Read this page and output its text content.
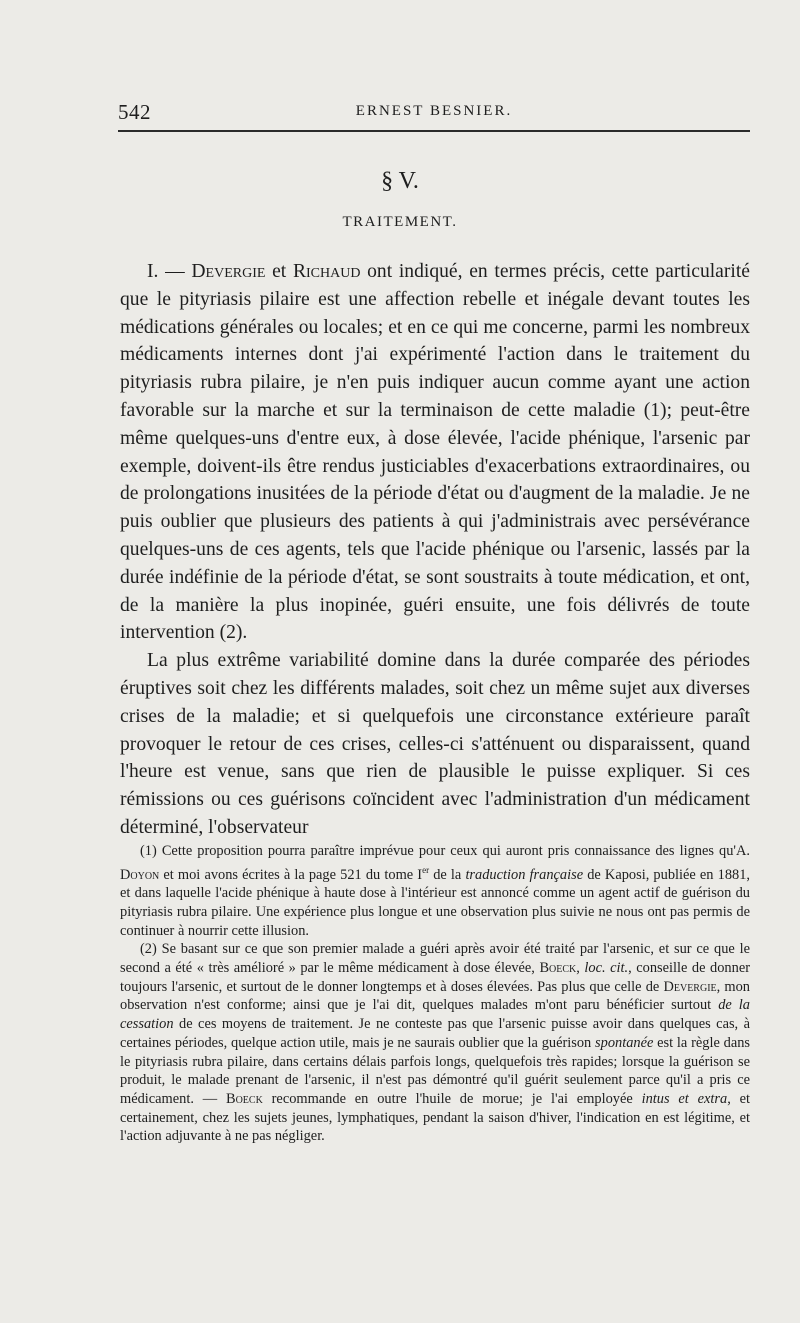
542	ERNEST BESNIER.
§ V.
TRAITEMENT.

I. — Devergie et Richaud ont indiqué, en termes précis, cette particularité que le pityriasis pilaire est une affection rebelle et inégale devant toutes les médications générales ou locales; et en ce qui me concerne, parmi les nombreux médicaments internes dont j'ai expérimenté l'action dans le traitement du pityriasis rubra pilaire, je n'en puis indiquer aucun comme ayant une action favorable sur la marche et sur la terminaison de cette maladie (1); peut-être même quelques-uns d'entre eux, à dose élevée, l'acide phénique, l'arsenic par exemple, doivent-ils être rendus justiciables d'exacerbations extraordinaires, ou de prolongations inusitées de la période d'état ou d'augment de la maladie. Je ne puis oublier que plusieurs des patients à qui j'administrais avec persévérance quelques-uns de ces agents, tels que l'acide phénique ou l'arsenic, lassés par la durée indéfinie de la période d'état, se sont soustraits à toute médication, et ont, de la manière la plus inopinée, guéri ensuite, une fois délivrés de toute intervention (2).

La plus extrême variabilité domine dans la durée comparée des périodes éruptives soit chez les différents malades, soit chez un même sujet aux diverses crises de la maladie; et si quelquefois une circonstance extérieure paraît provoquer le retour de ces crises, celles-ci s'atténuent ou disparaissent, quand l'heure est venue, sans que rien de plausible le puisse expliquer. Si ces rémissions ou ces guérisons coïncident avec l'administration d'un médicament déterminé, l'observateur

(1) Cette proposition pourra paraître imprévue pour ceux qui auront pris connaissance des lignes qu'A. Doyon et moi avons écrites à la page 521 du tome Ier de la traduction française de Kaposi, publiée en 1881, et dans laquelle l'acide phénique à haute dose à l'intérieur est annoncé comme un agent actif de guérison du pityriasis rubra pilaire. Une expérience plus longue et une observation plus suivie ne nous ont pas permis de continuer à nourrir cette illusion.

(2) Se basant sur ce que son premier malade a guéri après avoir été traité par l'arsenic, et sur ce que le second a été « très amélioré » par le même médicament à dose élevée, Boeck, loc. cit., conseille de donner toujours l'arsenic, et surtout de le donner longtemps et à doses élevées. Pas plus que celle de Devergie, mon observation n'est conforme; ainsi que je l'ai dit, quelques malades m'ont paru bénéficier surtout de la cessation de ces moyens de traitement. Je ne conteste pas que l'arsenic puisse avoir dans quelques cas, à certaines périodes, quelque action utile, mais je ne saurais oublier que la guérison spontanée est la règle dans le pityriasis rubra pilaire, dans certains délais parfois longs, quelquefois très rapides; lorsque la guérison se produit, le malade prenant de l'arsenic, il n'est pas démontré qu'il guérit seulement parce qu'il a pris ce médicament. — Boeck recommande en outre l'huile de morue; je l'ai employée intus et extra, et certainement, chez les sujets jeunes, lymphatiques, pendant la saison d'hiver, l'indication en est légitime, et l'action adjuvante à ne pas négliger.
